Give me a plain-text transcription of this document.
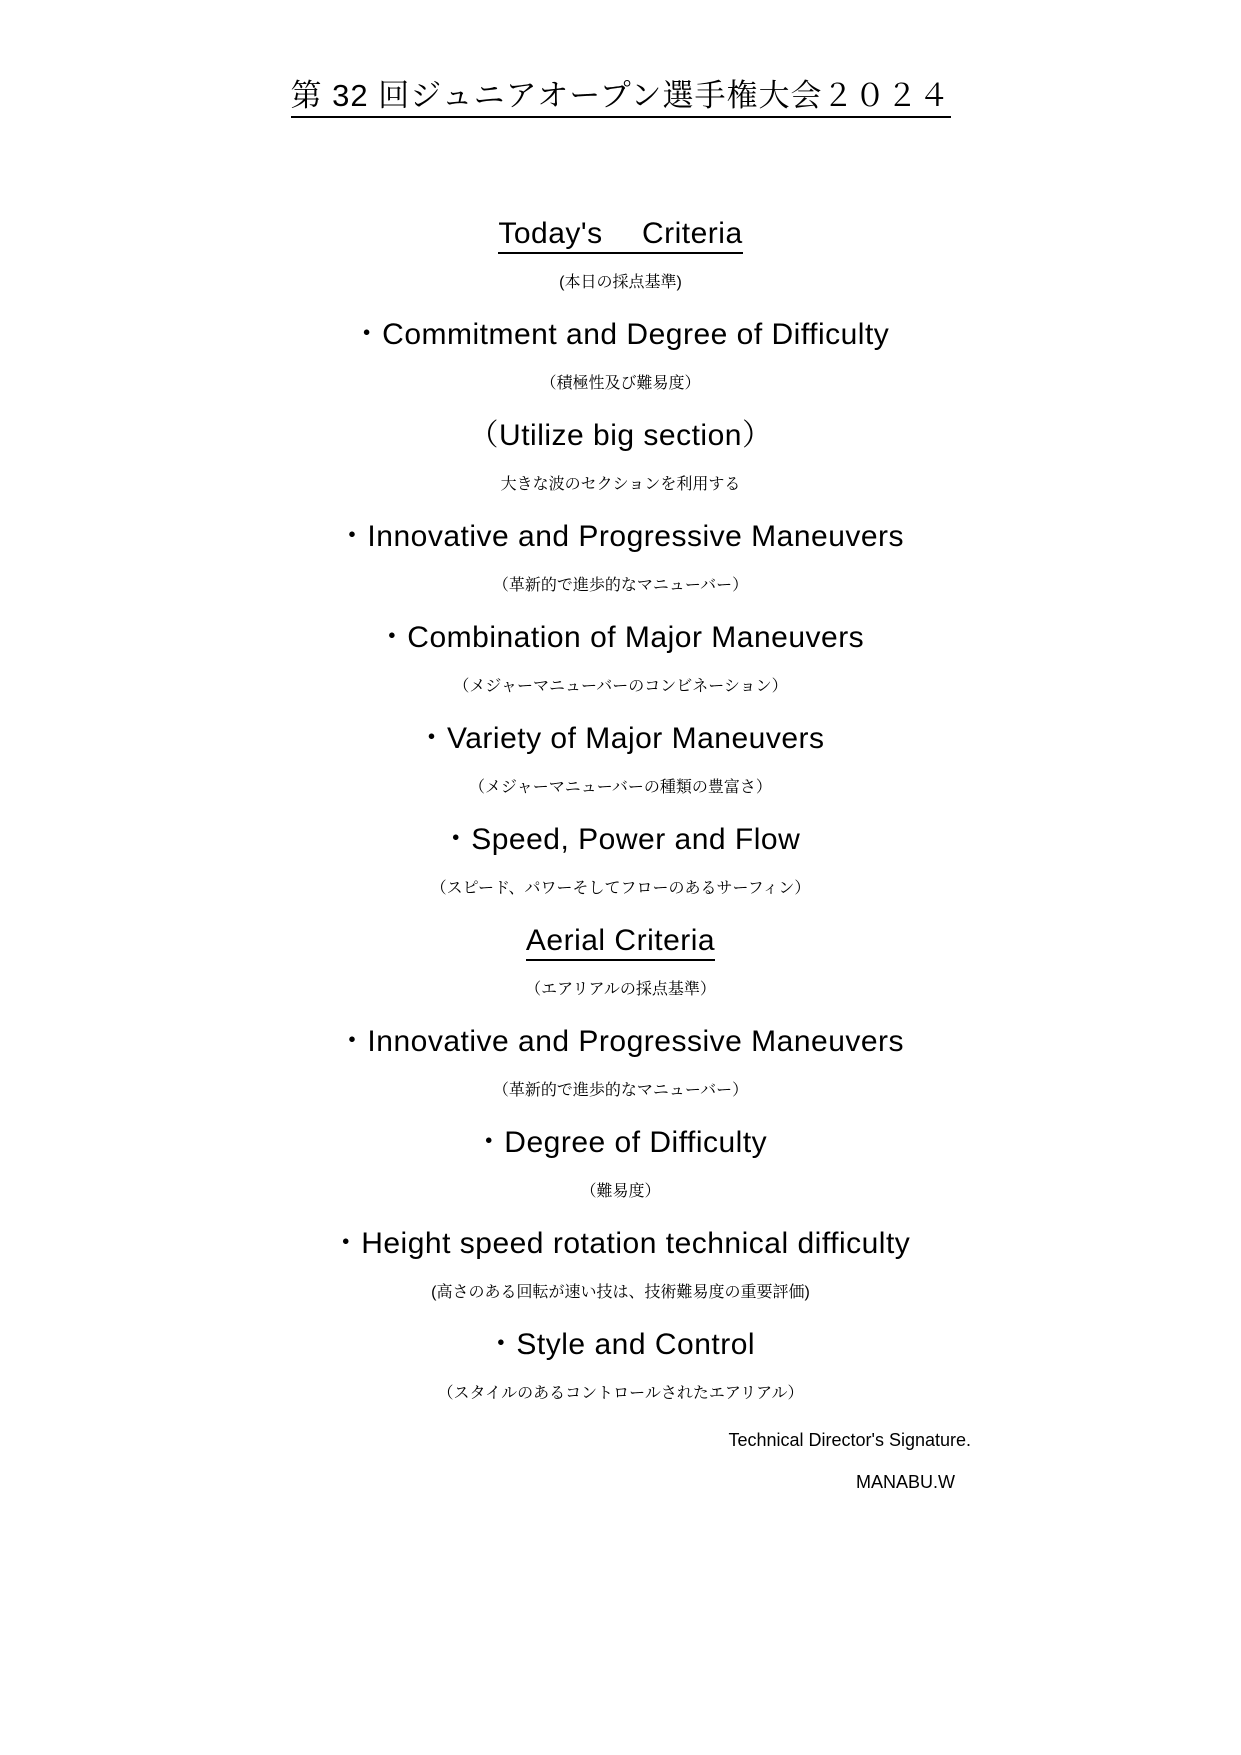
第 32 回ジュニアオープン選手権大会２０２４
Today's　 Criteria
(本日の採点基準)
・Commitment and Degree of Difficulty
（積極性及び難易度）
（Utilize big section）
大きな波のセクションを利用する
・Innovative and Progressive Maneuvers
（革新的で進歩的なマニューバー）
・Combination of Major Maneuvers
（メジャーマニューバーのコンビネーション）
・Variety of Major Maneuvers
（メジャーマニューバーの種類の豊富さ）
・Speed, Power and Flow
（スピード、パワーそしてフローのあるサーフィン）
Aerial Criteria
（エアリアルの採点基準）
・Innovative and Progressive Maneuvers
（革新的で進歩的なマニューバー）
・Degree of Difficulty
（難易度）
・Height speed rotation technical difficulty
(高さのある回転が速い技は、技術難易度の重要評価)
・Style and Control
（スタイルのあるコントロールされたエアリアル）
Technical Director's Signature.
MANABU.W
